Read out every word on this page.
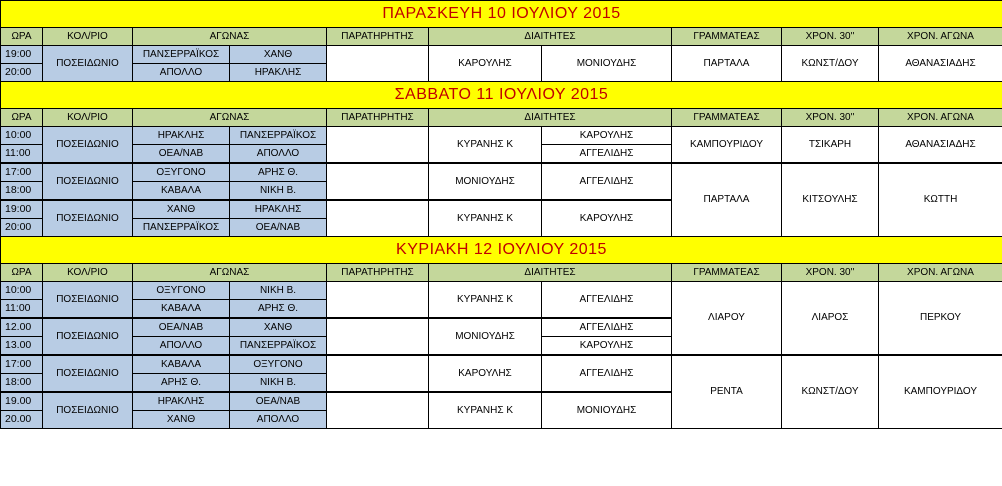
ΠΑΡΑΣΚΕΥΗ 10 ΙΟΥΛΙΟΥ 2015									
ΩΡΑ	ΚΟΛ/ΡΙΟ	ΑΓΩΝΑΣ		ΠΑΡΑΤΗΡΗΤΗΣ	ΔΙΑΙΤΗΤΕΣ		ΓΡΑΜΜΑΤΕΑΣ	ΧΡΟΝ. 30''	ΧΡΟΝ. ΑΓΩΝΑ
19:00	ΠΟΣΕΙΔΩΝΙΟ	ΠΑΝΣΕΡΡΑΪΚΟΣ	ΧΑΝΘ		ΚΑΡΟΥΛΗΣ	ΜΟΝΙΟΥΔΗΣ	ΠΑΡΤΑΛΑ	ΚΩΝΣΤ/ΔΟΥ	ΑΘΑΝΑΣΙΑΔΗΣ
20:00		ΑΠΟΛΛΟ	ΗΡΑΚΛΗΣ						
ΣΑΒΒΑΤΟ 11 ΙΟΥΛΙΟΥ 2015									
ΩΡΑ	ΚΟΛ/ΡΙΟ	ΑΓΩΝΑΣ		ΠΑΡΑΤΗΡΗΤΗΣ	ΔΙΑΙΤΗΤΕΣ		ΓΡΑΜΜΑΤΕΑΣ	ΧΡΟΝ. 30''	ΧΡΟΝ. ΑΓΩΝΑ
10:00	ΠΟΣΕΙΔΩΝΙΟ	ΗΡΑΚΛΗΣ	ΠΑΝΣΕΡΡΑΪΚΟΣ		ΚΥΡΑΝΗΣ Κ	ΚΑΡΟΥΛΗΣ	ΚΑΜΠΟΥΡΙΔΟΥ	ΤΣΙΚΑΡΗ	ΑΘΑΝΑΣΙΑΔΗΣ
11:00		ΟΕΑ/ΝΑΒ	ΑΠΟΛΛΟ			ΑΓΓΕΛΙΔΗΣ			
17:00	ΠΟΣΕΙΔΩΝΙΟ	ΟΞΥΓΟΝΟ	ΑΡΗΣ Θ.		ΜΟΝΙΟΥΔΗΣ	ΑΓΓΕΛΙΔΗΣ	ΠΑΡΤΑΛΑ	ΚΙΤΣΟΥΛΗΣ	ΚΩΤΤΗ
18:00		ΚΑΒΑΛΑ	ΝΙΚΗ Β.						
19:00	ΠΟΣΕΙΔΩΝΙΟ	ΧΑΝΘ	ΗΡΑΚΛΗΣ		ΚΥΡΑΝΗΣ Κ	ΚΑΡΟΥΛΗΣ			
20:00		ΠΑΝΣΕΡΡΑΪΚΟΣ	ΟΕΑ/ΝΑΒ						
ΚΥΡΙΑΚΗ 12 ΙΟΥΛΙΟΥ 2015									
ΩΡΑ	ΚΟΛ/ΡΙΟ	ΑΓΩΝΑΣ		ΠΑΡΑΤΗΡΗΤΗΣ	ΔΙΑΙΤΗΤΕΣ		ΓΡΑΜΜΑΤΕΑΣ	ΧΡΟΝ. 30''	ΧΡΟΝ. ΑΓΩΝΑ
10:00	ΠΟΣΕΙΔΩΝΙΟ	ΟΞΥΓΟΝΟ	ΝΙΚΗ Β.		ΚΥΡΑΝΗΣ Κ	ΑΓΓΕΛΙΔΗΣ	ΛΙΑΡΟΥ	ΛΙΑΡΟΣ	ΠΕΡΚΟΥ
11:00		ΚΑΒΑΛΑ	ΑΡΗΣ Θ.						
12.00	ΠΟΣΕΙΔΩΝΙΟ	ΟΕΑ/ΝΑΒ	ΧΑΝΘ		ΜΟΝΙΟΥΔΗΣ	ΑΓΓΕΛΙΔΗΣ			
13.00		ΑΠΟΛΛΟ	ΠΑΝΣΕΡΡΑΪΚΟΣ			ΚΑΡΟΥΛΗΣ			
17:00	ΠΟΣΕΙΔΩΝΙΟ	ΚΑΒΑΛΑ	ΟΞΥΓΟΝΟ		ΚΑΡΟΥΛΗΣ	ΑΓΓΕΛΙΔΗΣ	ΡΕΝΤΑ	ΚΩΝΣΤ/ΔΟΥ	ΚΑΜΠΟΥΡΙΔΟΥ
18:00		ΑΡΗΣ Θ.	ΝΙΚΗ Β.						
19.00	ΠΟΣΕΙΔΩΝΙΟ	ΗΡΑΚΛΗΣ	ΟΕΑ/ΝΑΒ		ΚΥΡΑΝΗΣ Κ	ΜΟΝΙΟΥΔΗΣ			
20.00		ΧΑΝΘ	ΑΠΟΛΛΟ						
